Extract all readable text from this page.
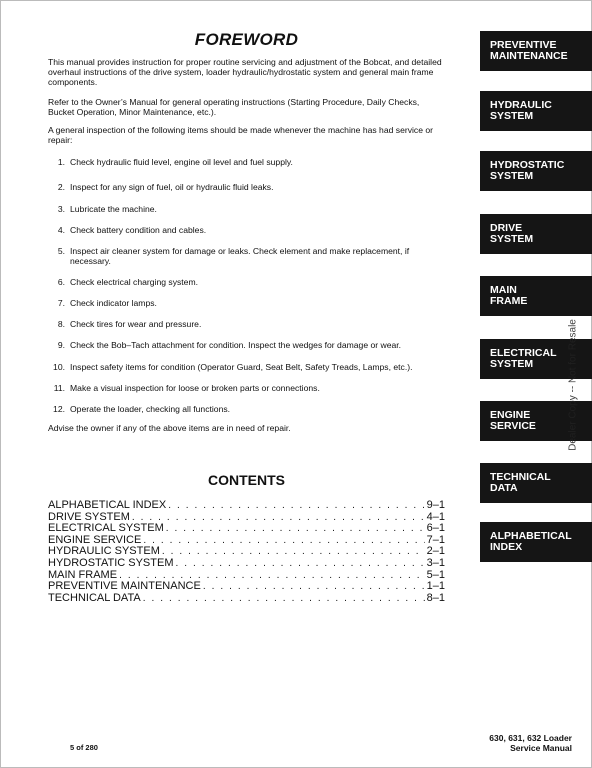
FOREWORD
This manual provides instruction for proper routine servicing and adjustment of the Bobcat, and detailed overhaul instructions of the drive system, loader hydraulic/hydrostatic system and general main frame components.
Refer to the Owner’s Manual for general operating instructions (Starting Procedure, Daily Checks, Bucket Operation, Minor Maintenance, etc.).
A general inspection of the following items should be made whenever the machine has had service or repair:
1. Check hydraulic fluid level, engine oil level and fuel supply.
2. Inspect for any sign of fuel, oil or hydraulic fluid leaks.
3. Lubricate the machine.
4. Check battery condition and cables.
5. Inspect air cleaner system for damage or leaks. Check element and make replacement, if necessary.
6. Check electrical charging system.
7. Check indicator lamps.
8. Check tires for wear and pressure.
9. Check the Bob–Tach attachment for condition. Inspect the wedges for damage or wear.
10. Inspect safety items for condition (Operator Guard, Seat Belt, Safety Treads, Lamps, etc.).
11. Make a visual inspection for loose or broken parts or connections.
12. Operate the loader, checking all functions.
Advise the owner if any of the above items are in need of repair.
CONTENTS
ALPHABETICAL INDEX . . .	9–1
DRIVE SYSTEM . . .	4–1
ELECTRICAL SYSTEM . . .	6–1
ENGINE SERVICE . . .	7–1
HYDRAULIC SYSTEM . . .	2–1
HYDROSTATIC SYSTEM . . .	3–1
MAIN FRAME . . .	5–1
PREVENTIVE MAINTENANCE . . .	1–1
TECHNICAL DATA . . .	8–1
PREVENTIVE
MAINTENANCE
HYDRAULIC
SYSTEM
HYDROSTATIC
SYSTEM
DRIVE
SYSTEM
MAIN
FRAME
ELECTRICAL
SYSTEM
ENGINE
SERVICE
TECHNICAL
DATA
ALPHABETICAL
INDEX
Dealer Copy -- Not for Resale
5 of 280
630, 631, 632 Loader
Service Manual
